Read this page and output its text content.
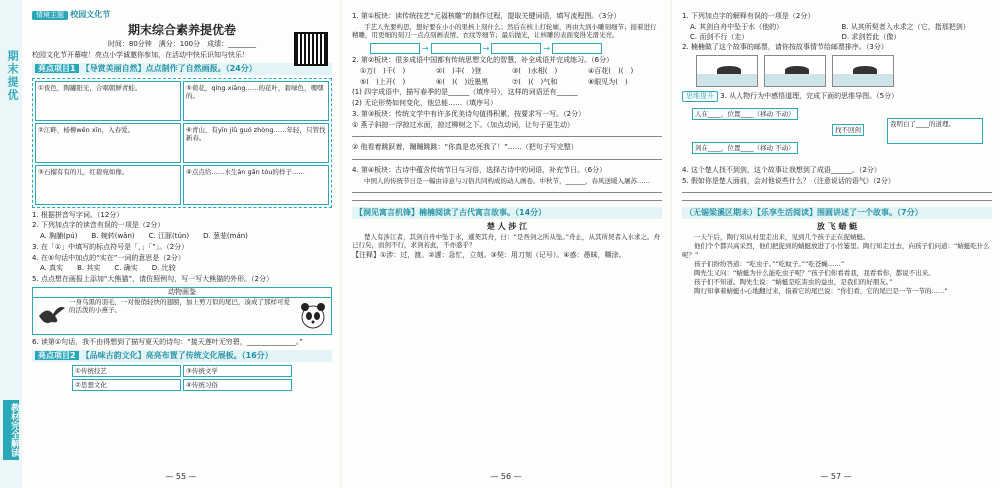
期末提优
教材完全解读
情境主题 校园文化节
期末综合素养提优卷
时间：80分钟　满分：100分　成绩：________
校园文化节开幕啦！亮点小学诚邀你参加，在活动中快乐识知与快乐！
亮点项目1 【导赏美丽自然】点点制作了自然画报。（24分）
①夜色，陶罐阳光，合唱朝鲜青蛙。	⑤荷花，qíng xiāng……的花叶，碧绿色，嘿嘿的。
②江畔，杨柳wēn xīn，入春爱。	⑥青山，有yīn jiǔ guó zhòng……年轻，只管找新春。
③石榴有有的儿，红碧宛如像。	④点点给……水生ān gǎn tóu的样子……
1. 根据拼音写字词。（12分）
2. 下列加点字的读音有误的一项是（2分）
A. 胸脯(pú) B. 婉转(wǎn) C. 江豚(tún) D. 葱茏(mán)
3. 在「①」中填写的标点符号是「，」「”」。（2分）
4. 在⑤句话中加点的“实在”一词的意思是（2分）
A. 真实 B. 其实 C. 确实 D. 比较
5. 点点想在画报上添加“大熊猫”，请仿照例句，写一写大熊猫的外形。（2分）
动物画鉴
一身乌黑的羽毛，一对俊俏轻快的翅膀，加上剪刀似的尾巴，凑成了那样可爱的活泼的小燕子。
6. 读第①句话，我不由得想到了描写夏天的诗句：“接天莲叶无穷碧，______________。”
亮点项目2 【品味古韵文化】亮亮布置了传统文化展板。（16分）
①传统技艺	③传统文学
②思想文化	④传统习俗
— 55 —
1. 第①板块：读传统技艺“元福核雕”的制作过程，提取关键词语，填写流程图。（3分）
手艺人先要构思，想好要在小小的果核上刻什么；然后在核上打轮廓，再由大到小雕刻细节；接着进行精雕，用更细的刻刀一点点刻画表情、衣纹等细节；最后抛光，让核雕的表面变得光滑光亮。
→	→	→
2. 第②板块：很多成语中国都有传统思想文化的智慧，补全成语并完成练习。（6分）
①万(　)千(　)	②(　)丰(　)登	③(　)水相(　)	④百花(　)(　)
⑤(　)上开(　)	⑥(　)(　)近墨黑	⑦(　)(　)气和	⑧眼见为(　)
(1) 四字成语中，描写春季的是______（填序号），这样的词语还有______
(2) 无论形势如何变化，他总能……（填序号）
3. 第③板块：传统文学中有许多优美诗句值得积累，按要求写一写。（2分）
① 燕子斜掠一浮掠过水面，掠过柳树之下。（加点动词，让句子更生动）
② 他看着跳跃着，蹦蹦跳跳：“你真是忠死我了！”……（把句子写完整）
4. 第④板块：古诗中蕴含传统节日与习俗，选择古诗中的词语，补充节日。（6分）
中国人的传统节日是一幅由诗意与习俗共同构成的动人画卷。中秋节，______，春风送暖入屠苏……
【洞见寓言机锋】楠楠阅读了古代寓言故事。（14分）
楚 人 涉 江
楚人有涉江者，其剑自舟中坠于水，遽契其舟，曰：“是吾剑之所从坠。”舟止，从其所契者入水求之。舟已行矣，而剑不行，求剑若此，不亦惑乎？
【注释】①涉：过，渡。②遽：急忙，立刻。③契：用刀刻（记号）。④惑：愚昧，糊涂。
— 56 —
1. 下列加点字的解释有误的一项是（2分）
A. 其剑自舟中坠于水（他的）	B. 从其所契者入水求之（它，指那把剑）
C. 而剑不行（走）	D. 求剑若此（像）
2. 楠楠做了这个故事的邮票，请你按故事情节给邮票排序。（3分）
思维提升 3. 从人物行为中感悟道理，完成下面的思维导图。（5分）
人在____，位置____（移动 不动）
剑在____，位置____（移动 不动）
找不回剑
我明白了____的道理。
4. 这个楚人找不到剑，这个故事让我想到了成语______。（2分）
5. 假如你是楚人面前，会对他说些什么？（注意说话的语气）（2分）
（无锡梁溪区期末）【乐享生活阅读】围圆讲述了一个故事。（7分）
放 飞 蜻 蜓
一天午后，陶行知从村里走出来，见到几个孩子正在捉蜻蜓。
他们个个都兴高采烈，他们把捉到的蜻蜓放进了小竹篓里。陶行知走过去，向孩子们问道：“蜻蜓吃什么呢？”
孩子们纷纷答道：“吃虫子。”“吃蚊子。”“吃苍蝇……”
陶先生又问：“蜻蜓为什么能吃虫子呢？”孩子们你看看我，我看看你，都说不出来。
孩子们不知道。陶先生说：“蜻蜓是吃害虫的益虫，是我们的好朋友。”
陶行知拿着蜻蜓小心地翻过来，指着它的尾巴说：“你们看，它的尾巴是一节一节的……”
— 57 —
